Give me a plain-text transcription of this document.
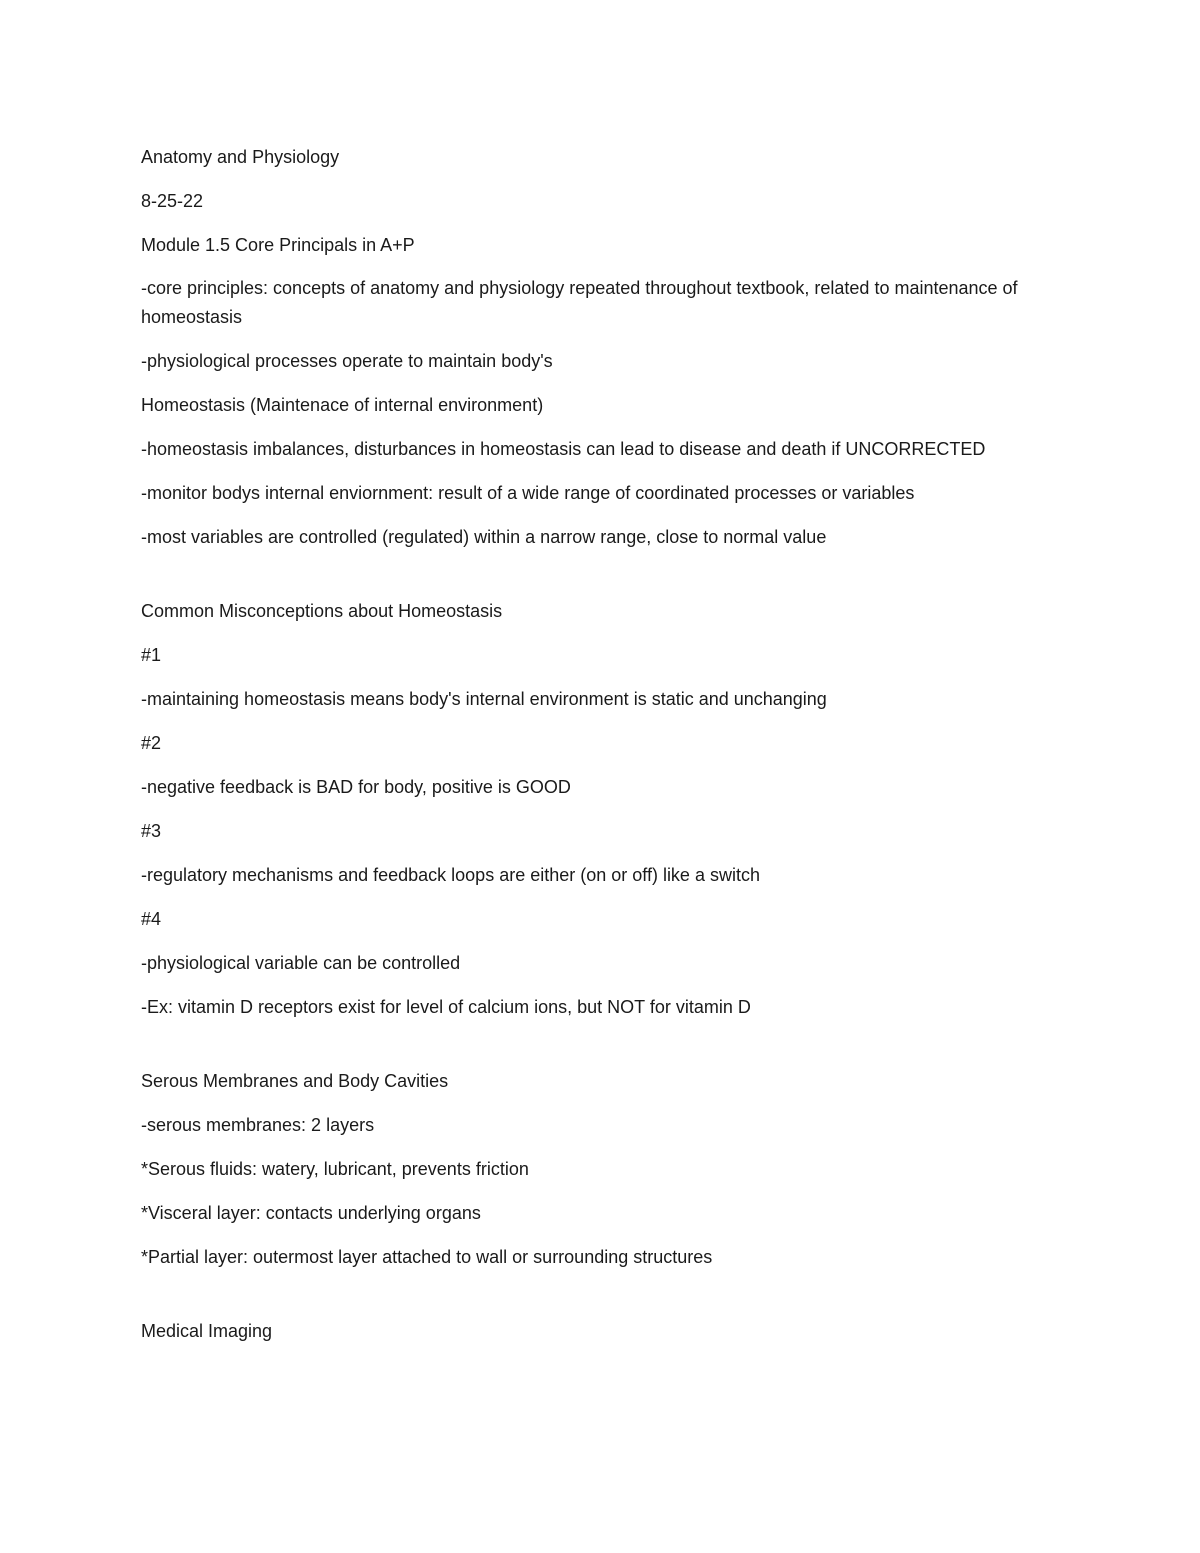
Anatomy and Physiology

8-25-22

Module 1.5 Core Principals in A+P

-core principles: concepts of anatomy and physiology repeated throughout textbook, related to maintenance of homeostasis

-physiological processes operate to maintain body's

Homeostasis (Maintenace of internal environment)

-homeostasis imbalances, disturbances in homeostasis can lead to disease and death if UNCORRECTED

-monitor bodys internal enviornment: result of a wide range of coordinated processes or variables

-most variables are controlled (regulated) within a narrow range, close to normal value

Common Misconceptions about Homeostasis

#1

-maintaining homeostasis means body's internal environment is static and unchanging

#2

-negative feedback is BAD for body, positive is GOOD

#3

-regulatory mechanisms and feedback loops are either (on or off) like a switch

#4

-physiological variable can be controlled

-Ex: vitamin D receptors exist for level of calcium ions, but NOT for vitamin D

Serous Membranes and Body Cavities

-serous membranes: 2 layers

*Serous fluids: watery, lubricant, prevents friction

*Visceral layer: contacts underlying organs

*Partial layer: outermost layer attached to wall or surrounding structures

Medical Imaging
